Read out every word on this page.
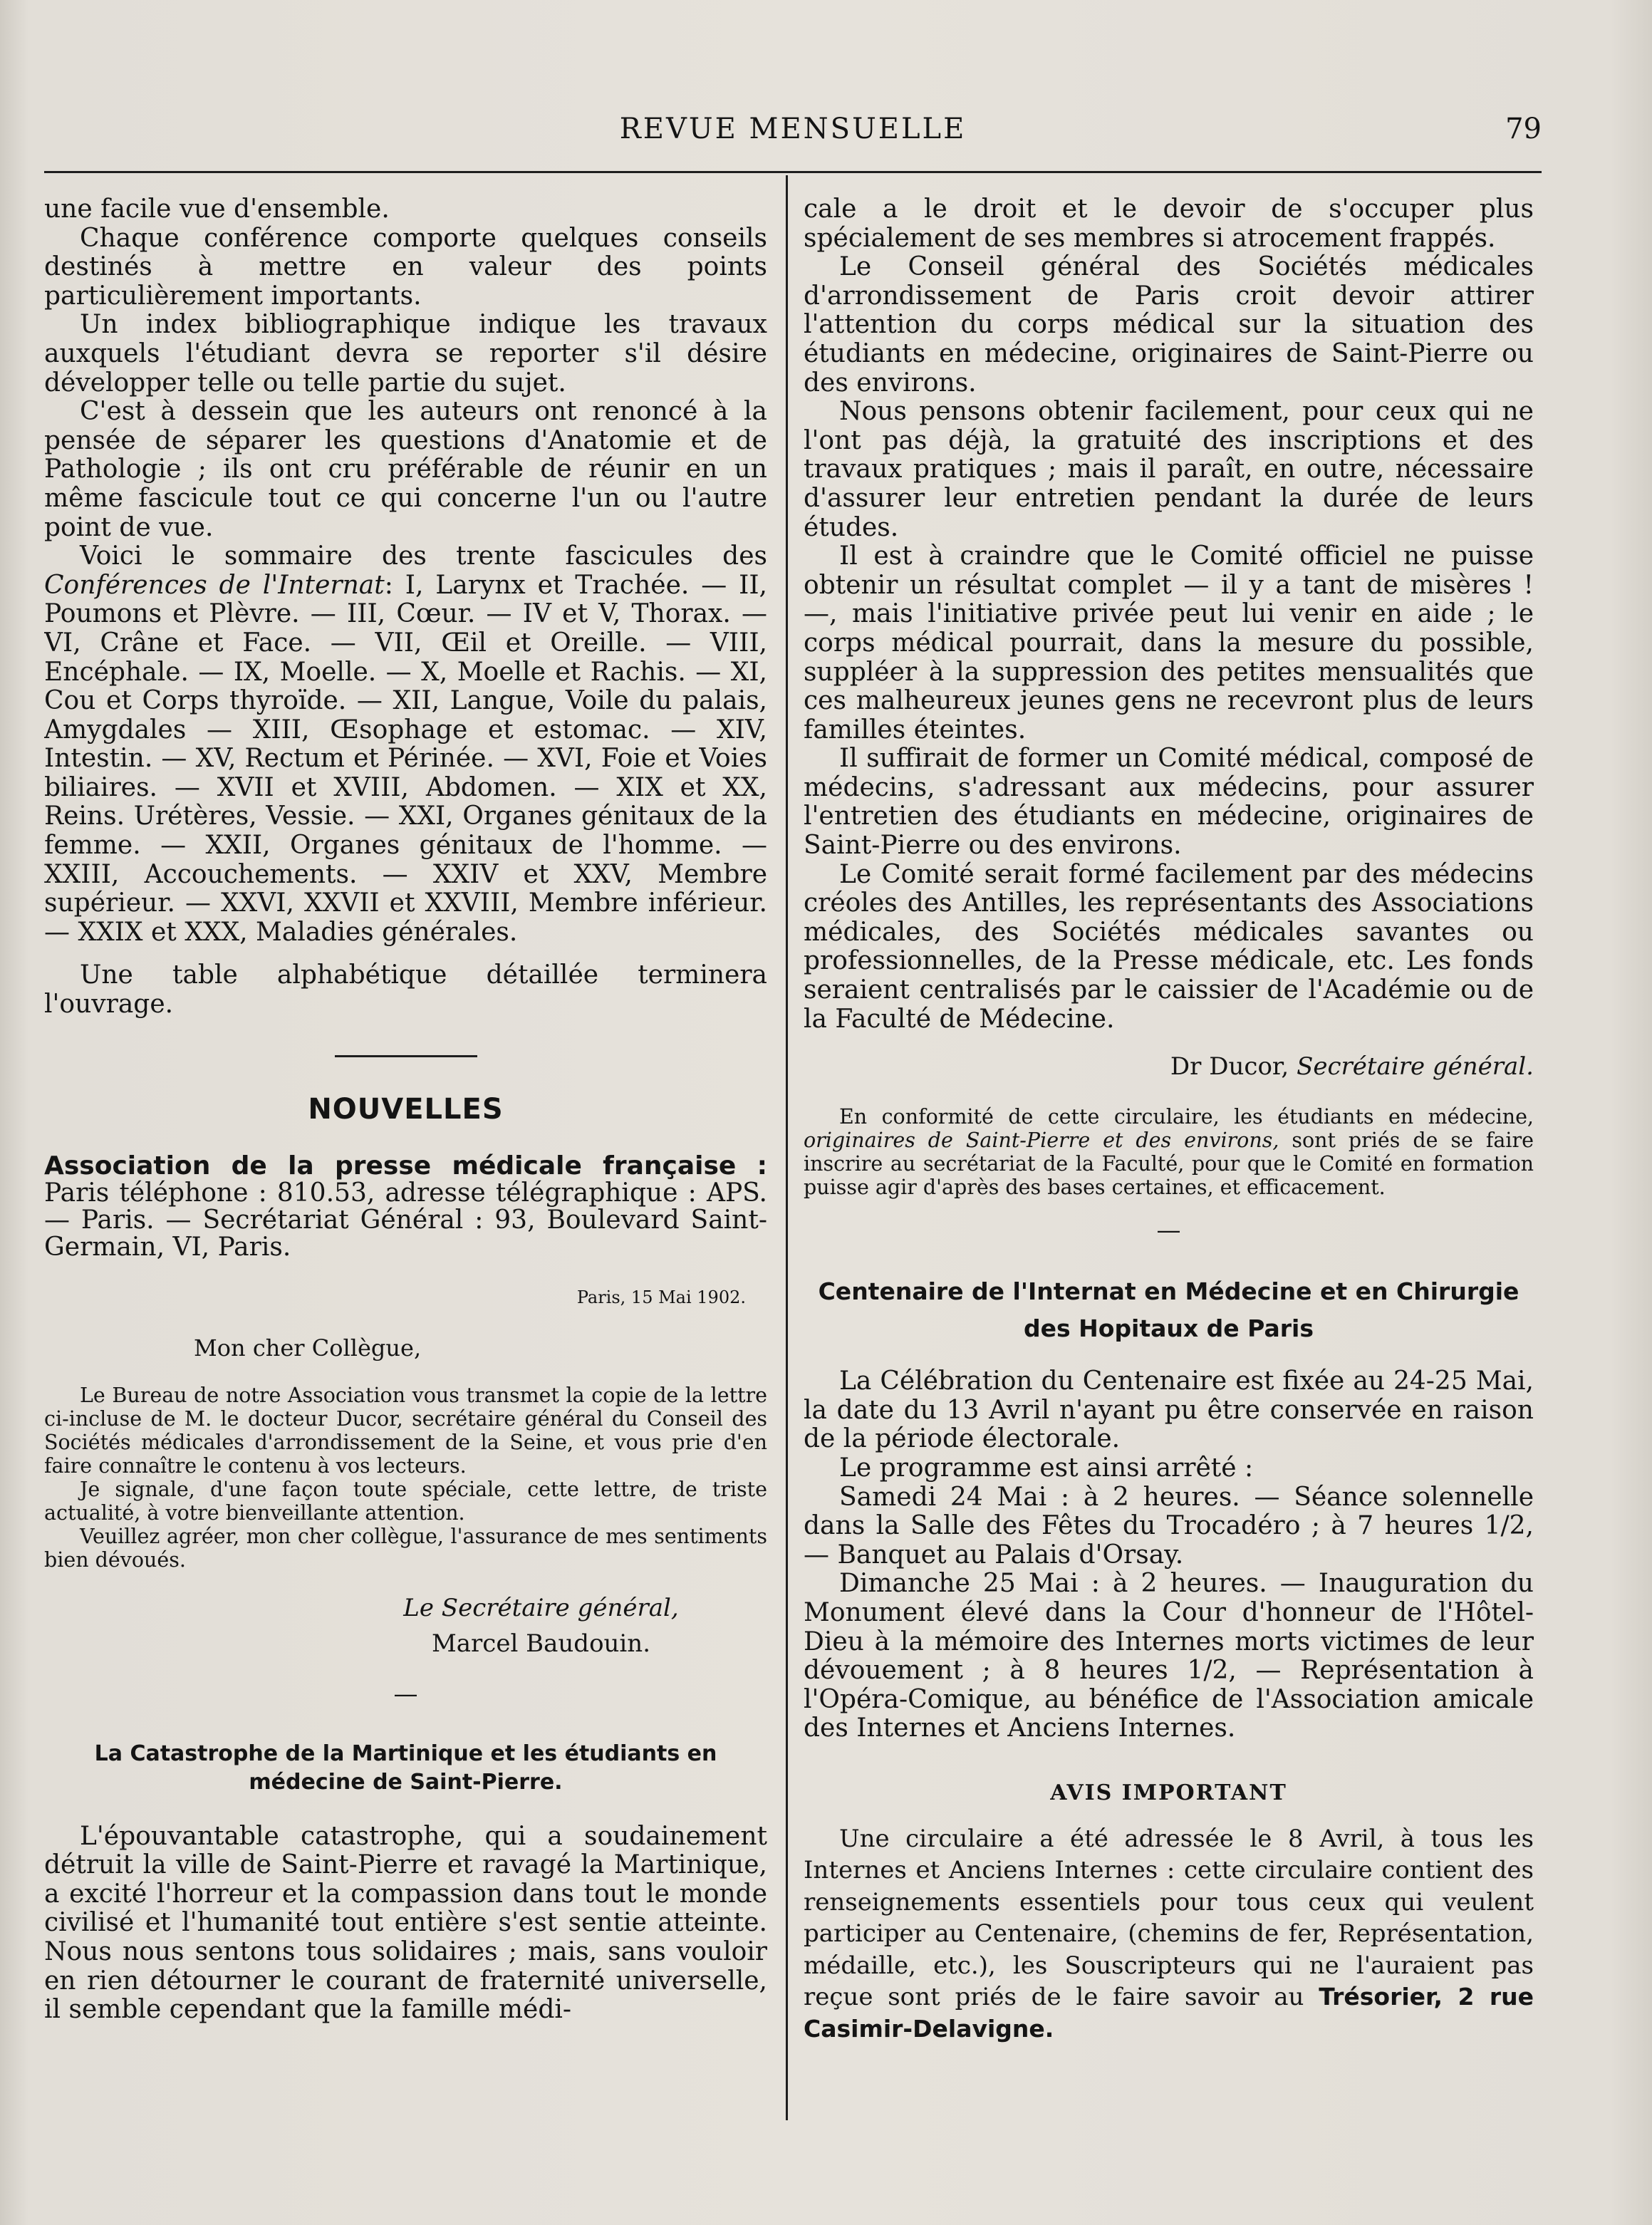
REVUE MENSUELLE	79

une facile vue d'ensemble.

Chaque conférence comporte quelques conseils destinés à mettre en valeur des points particulièrement importants.

Un index bibliographique indique les travaux auxquels l'étudiant devra se reporter s'il désire développer telle ou telle partie du sujet.

C'est à dessein que les auteurs ont renoncé à la pensée de séparer les questions d'Anatomie et de Pathologie ; ils ont cru préférable de réunir en un même fascicule tout ce qui concerne l'un ou l'autre point de vue.

Voici le sommaire des trente fascicules des Conférences de l'Internat: I, Larynx et Trachée. — II, Poumons et Plèvre. — III, Cœur. — IV et V, Thorax. — VI, Crâne et Face. — VII, Œil et Oreille. — VIII, Encéphale. — IX, Moelle. — X, Moelle et Rachis. — XI, Cou et Corps thyroïde. — XII, Langue, Voile du palais, Amygdales — XIII, Œsophage et estomac. — XIV, Intestin. — XV, Rectum et Périnée. — XVI, Foie et Voies biliaires. — XVII et XVIII, Abdomen. — XIX et XX, Reins. Urétères, Vessie. — XXI, Organes génitaux de la femme. — XXII, Organes génitaux de l'homme. — XXIII, Accouchements. — XXIV et XXV, Membre supérieur. — XXVI, XXVII et XXVIII, Membre inférieur. — XXIX et XXX, Maladies générales.

Une table alphabétique détaillée terminera l'ouvrage.

NOUVELLES

Association de la presse médicale française : Paris téléphone : 810.53, adresse télégraphique : APS. — Paris. — Secrétariat Général : 93, Boulevard Saint-Germain, VI, Paris.

Paris, 15 Mai 1902.
Mon cher Collègue,

Le Bureau de notre Association vous transmet la copie de la lettre ci-incluse de M. le docteur Ducor, secrétaire général du Conseil des Sociétés médicales d'arrondissement de la Seine, et vous prie d'en faire connaître le contenu à vos lecteurs.

Je signale, d'une façon toute spéciale, cette lettre, de triste actualité, à votre bienveillante attention.

Veuillez agréer, mon cher collègue, l'assurance de mes sentiments bien dévoués.

Le Secrétaire général,
Marcel Baudouin.
—

La Catastrophe de la Martinique et les étudiants en médecine de Saint-Pierre.

L'épouvantable catastrophe, qui a soudainement détruit la ville de Saint-Pierre et ravagé la Martinique, a excité l'horreur et la compassion dans tout le monde civilisé et l'humanité tout entière s'est sentie atteinte. Nous nous sentons tous solidaires ; mais, sans vouloir en rien détourner le courant de fraternité universelle, il semble cependant que la famille médi-

cale a le droit et le devoir de s'occuper plus spécialement de ses membres si atrocement frappés.

Le Conseil général des Sociétés médicales d'arrondissement de Paris croit devoir attirer l'attention du corps médical sur la situation des étudiants en médecine, originaires de Saint-Pierre ou des environs.

Nous pensons obtenir facilement, pour ceux qui ne l'ont pas déjà, la gratuité des inscriptions et des travaux pratiques ; mais il paraît, en outre, nécessaire d'assurer leur entretien pendant la durée de leurs études.

Il est à craindre que le Comité officiel ne puisse obtenir un résultat complet — il y a tant de misères ! —, mais l'initiative privée peut lui venir en aide ; le corps médical pourrait, dans la mesure du possible, suppléer à la suppression des petites mensualités que ces malheureux jeunes gens ne recevront plus de leurs familles éteintes.

Il suffirait de former un Comité médical, composé de médecins, s'adressant aux médecins, pour assurer l'entretien des étudiants en médecine, originaires de Saint-Pierre ou des environs.

Le Comité serait formé facilement par des médecins créoles des Antilles, les représentants des Associations médicales, des Sociétés médicales savantes ou professionnelles, de la Presse médicale, etc. Les fonds seraient centralisés par le caissier de l'Académie ou de la Faculté de Médecine.

Dr Ducor, Secrétaire général.

En conformité de cette circulaire, les étudiants en médecine, originaires de Saint-Pierre et des environs, sont priés de se faire inscrire au secrétariat de la Faculté, pour que le Comité en formation puisse agir d'après des bases certaines, et efficacement.

—

Centenaire de l'Internat en Médecine et en Chirurgie
des Hopitaux de Paris

La Célébration du Centenaire est fixée au 24-25 Mai, la date du 13 Avril n'ayant pu être conservée en raison de la période électorale.

Le programme est ainsi arrêté :

Samedi 24 Mai : à 2 heures. — Séance solennelle dans la Salle des Fêtes du Trocadéro ; à 7 heures 1/2, — Banquet au Palais d'Orsay.

Dimanche 25 Mai : à 2 heures. — Inauguration du Monument élevé dans la Cour d'honneur de l'Hôtel-Dieu à la mémoire des Internes morts victimes de leur dévouement ; à 8 heures 1/2, — Représentation à l'Opéra-Comique, au bénéfice de l'Association amicale des Internes et Anciens Internes.

AVIS IMPORTANT

Une circulaire a été adressée le 8 Avril, à tous les Internes et Anciens Internes : cette circulaire contient des renseignements essentiels pour tous ceux qui veulent participer au Centenaire, (chemins de fer, Représentation, médaille, etc.), les Souscripteurs qui ne l'auraient pas reçue sont priés de le faire savoir au Trésorier, 2 rue Casimir-Delavigne.
